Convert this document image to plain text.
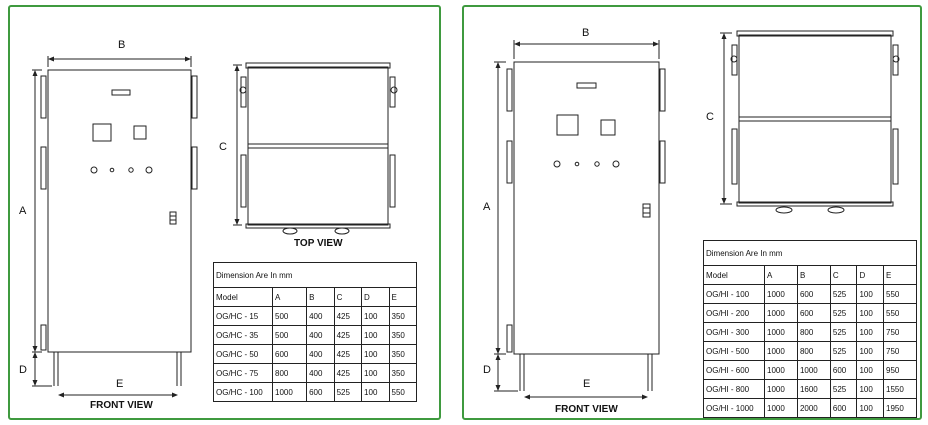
B
A
D
E
C
FRONT VIEW
TOP VIEW
Dimension Are In mm					
Model	A	B	C	D	E
OG/HC - 15	500	400	425	100	350
OG/HC - 35	500	400	425	100	350
OG/HC - 50	600	400	425	100	350
OG/HC - 75	800	400	425	100	350
OG/HC - 100	1000	600	525	100	550
B
A
D
E
C
FRONT VIEW
Dimension Are In mm					
Model	A	B	C	D	E
OG/HI - 100	1000	600	525	100	550
OG/HI - 200	1000	600	525	100	550
OG/HI - 300	1000	800	525	100	750
OG/HI - 500	1000	800	525	100	750
OG/HI - 600	1000	1000	600	100	950
OG/HI - 800	1000	1600	525	100	1550
OG/HI - 1000	1000	2000	600	100	1950
